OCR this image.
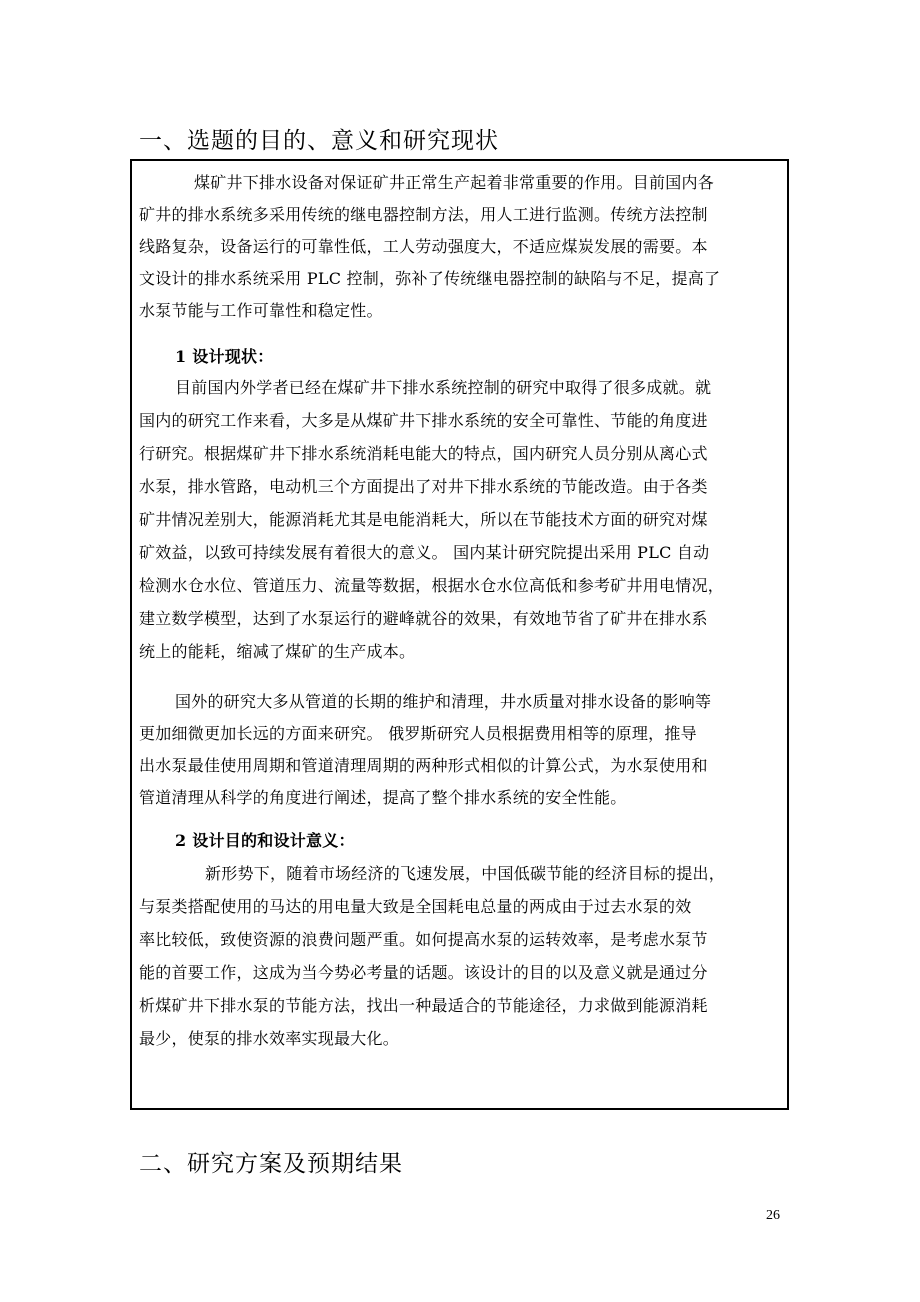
一、选题的目的、意义和研究现状
煤矿井下排水设备对保证矿井正常生产起着非常重要的作用。目前国内各
矿井的排水系统多采用传统的继电器控制方法，用人工进行监测。传统方法控制
线路复杂，设备运行的可靠性低，工人劳动强度大，不适应煤炭发展的需要。本
文设计的排水系统采用 PLC 控制，弥补了传统继电器控制的缺陷与不足，提高了
水泵节能与工作可靠性和稳定性。
1 设计现状：
目前国内外学者已经在煤矿井下排水系统控制的研究中取得了很多成就。就
国内的研究工作来看，大多是从煤矿井下排水系统的安全可靠性、节能的角度进
行研究。根据煤矿井下排水系统消耗电能大的特点，国内研究人员分别从离心式
水泵，排水管路，电动机三个方面提出了对井下排水系统的节能改造。由于各类
矿井情况差别大，能源消耗尤其是电能消耗大，所以在节能技术方面的研究对煤
矿效益，以致可持续发展有着很大的意义。 国内某计研究院提出采用 PLC 自动
检测水仓水位、管道压力、流量等数据，根据水仓水位高低和参考矿井用电情况，
建立数学模型，达到了水泵运行的避峰就谷的效果，有效地节省了矿井在排水系
统上的能耗，缩减了煤矿的生产成本。
国外的研究大多从管道的长期的维护和清理，井水质量对排水设备的影响等
更加细微更加长远的方面来研究。 俄罗斯研究人员根据费用相等的原理，推导
出水泵最佳使用周期和管道清理周期的两种形式相似的计算公式，为水泵使用和
管道清理从科学的角度进行阐述，提高了整个排水系统的安全性能。
2 设计目的和设计意义：
新形势下，随着市场经济的飞速发展，中国低碳节能的经济目标的提出，
与泵类搭配使用的马达的用电量大致是全国耗电总量的两成由于过去水泵的效
率比较低，致使资源的浪费问题严重。如何提高水泵的运转效率，是考虑水泵节
能的首要工作，这成为当今势必考量的话题。该设计的目的以及意义就是通过分
析煤矿井下排水泵的节能方法，找出一种最适合的节能途径，力求做到能源消耗
最少，使泵的排水效率实现最大化。
二、研究方案及预期结果
26
